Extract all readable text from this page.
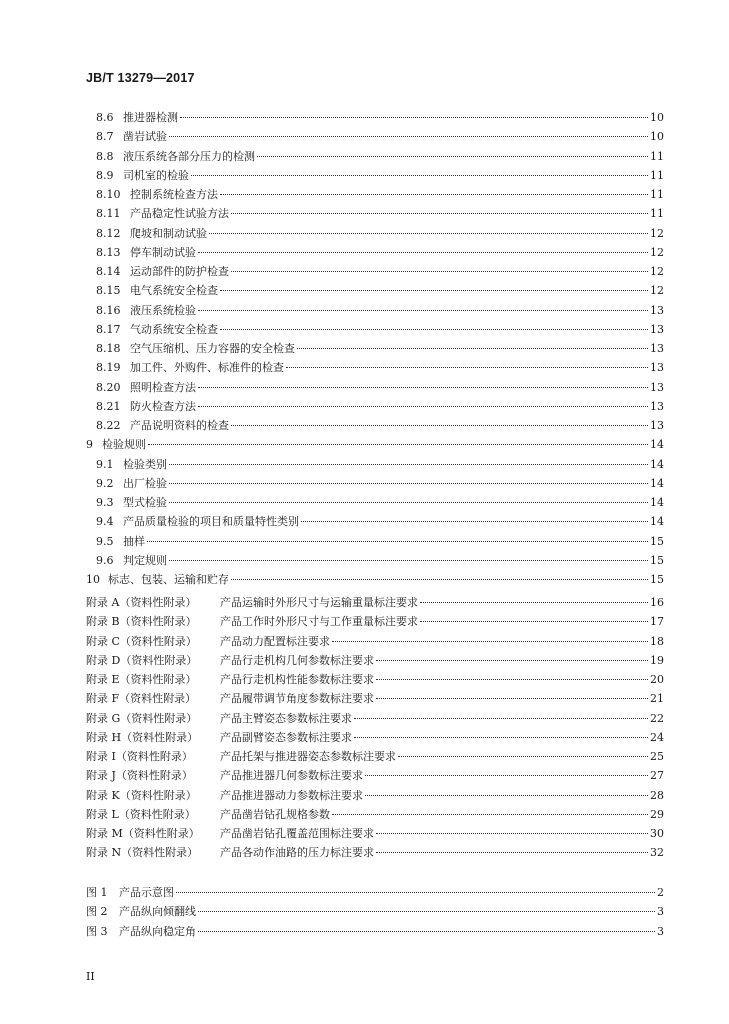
JB/T 13279—2017
8.6 推进器检测	10
8.7 凿岩试验	10
8.8 液压系统各部分压力的检测	11
8.9 司机室的检验	11
8.10 控制系统检查方法	11
8.11 产品稳定性试验方法	11
8.12 爬坡和制动试验	12
8.13 停车制动试验	12
8.14 运动部件的防护检查	12
8.15 电气系统安全检查	12
8.16 液压系统检验	13
8.17 气动系统安全检查	13
8.18 空气压缩机、压力容器的安全检查	13
8.19 加工件、外购件、标准件的检查	13
8.20 照明检查方法	13
8.21 防火检查方法	13
8.22 产品说明资料的检查	13
9 检验规则	14
9.1 检验类别	14
9.2 出厂检验	14
9.3 型式检验	14
9.4 产品质量检验的项目和质量特性类别	14
9.5 抽样	15
9.6 判定规则	15
10 标志、包装、运输和贮存	15
附录 A（资料性附录）	产品运输时外形尺寸与运输重量标注要求	16
附录 B（资料性附录）	产品工作时外形尺寸与工作重量标注要求	17
附录 C（资料性附录）	产品动力配置标注要求	18
附录 D（资料性附录）	产品行走机构几何参数标注要求	19
附录 E（资料性附录）	产品行走机构性能参数标注要求	20
附录 F（资料性附录）	产品履带调节角度参数标注要求	21
附录 G（资料性附录）	产品主臂姿态参数标注要求	22
附录 H（资料性附录）	产品副臂姿态参数标注要求	24
附录 I（资料性附录）	产品托架与推进器姿态参数标注要求	25
附录 J（资料性附录）	产品推进器几何参数标注要求	27
附录 K（资料性附录）	产品推进器动力参数标注要求	28
附录 L（资料性附录）	产品凿岩钻孔规格参数	29
附录 M（资料性附录）	产品凿岩钻孔覆盖范围标注要求	30
附录 N（资料性附录）	产品各动作油路的压力标注要求	32
图 1	产品示意图	2
图 2	产品纵向倾翻线	3
图 3	产品纵向稳定角	3
II
